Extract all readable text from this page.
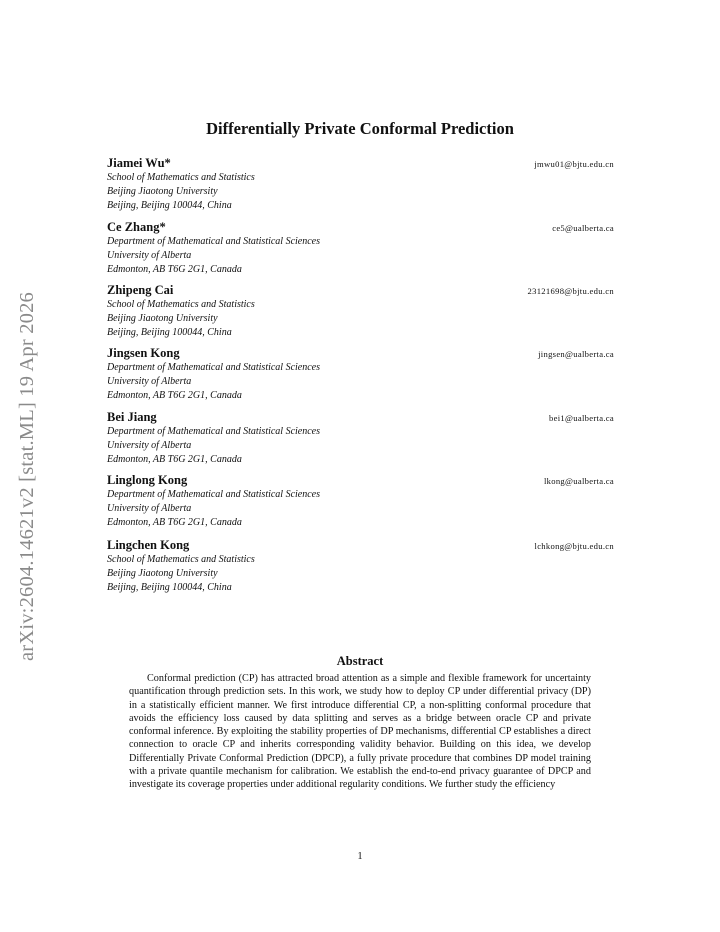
arXiv:2604.14621v2 [stat.ML] 19 Apr 2026
Differentially Private Conformal Prediction
Jiamei Wu*	jmwu01@bjtu.edu.cn
School of Mathematics and Statistics
Beijing Jiaotong University
Beijing, Beijing 100044, China
Ce Zhang*	ce5@ualberta.ca
Department of Mathematical and Statistical Sciences
University of Alberta
Edmonton, AB T6G 2G1, Canada
Zhipeng Cai	23121698@bjtu.edu.cn
School of Mathematics and Statistics
Beijing Jiaotong University
Beijing, Beijing 100044, China
Jingsen Kong	jingsen@ualberta.ca
Department of Mathematical and Statistical Sciences
University of Alberta
Edmonton, AB T6G 2G1, Canada
Bei Jiang	bei1@ualberta.ca
Department of Mathematical and Statistical Sciences
University of Alberta
Edmonton, AB T6G 2G1, Canada
Linglong Kong	lkong@ualberta.ca
Department of Mathematical and Statistical Sciences
University of Alberta
Edmonton, AB T6G 2G1, Canada
Lingchen Kong	lchkong@bjtu.edu.cn
School of Mathematics and Statistics
Beijing Jiaotong University
Beijing, Beijing 100044, China
Abstract
Conformal prediction (CP) has attracted broad attention as a simple and flexible framework for uncertainty quantification through prediction sets. In this work, we study how to deploy CP under differential privacy (DP) in a statistically efficient manner. We first introduce differential CP, a non-splitting conformal procedure that avoids the efficiency loss caused by data splitting and serves as a bridge between oracle CP and private conformal inference. By exploiting the stability properties of DP mechanisms, differential CP establishes a direct connection to oracle CP and inherits corresponding validity behavior. Building on this idea, we develop Differentially Private Conformal Prediction (DPCP), a fully private procedure that combines DP model training with a private quantile mechanism for calibration. We establish the end-to-end privacy guarantee of DPCP and investigate its coverage properties under additional regularity conditions. We further study the efficiency
1
